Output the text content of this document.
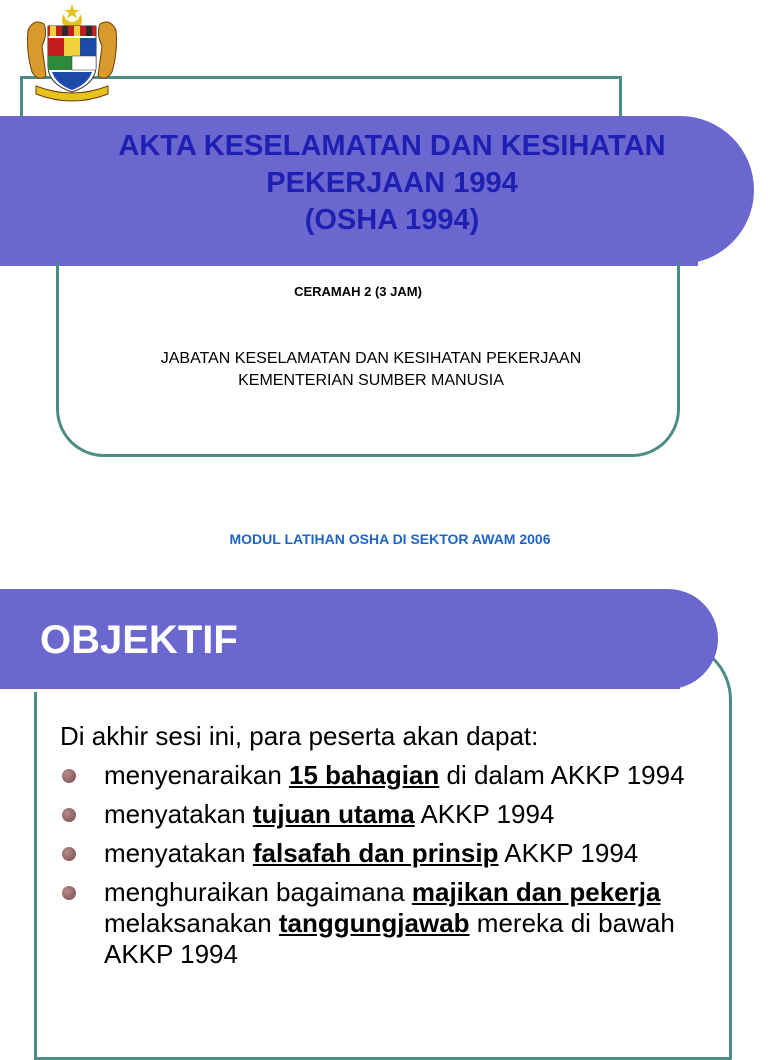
AKTA KESELAMATAN DAN KESIHATAN
PEKERJAAN 1994
(OSHA 1994)
CERAMAH 2 (3 JAM)
JABATAN KESELAMATAN DAN KESIHATAN PEKERJAAN
KEMENTERIAN SUMBER MANUSIA
MODUL LATIHAN OSHA DI SEKTOR AWAM 2006
OBJEKTIF

Di akhir sesi ini, para peserta akan dapat:

menyenaraikan 15 bahagian di dalam AKKP 1994
menyatakan tujuan utama AKKP 1994
menyatakan falsafah dan prinsip AKKP 1994
menghuraikan bagaimana majikan dan pekerja melaksanakan tanggungjawab mereka di bawah AKKP 1994
